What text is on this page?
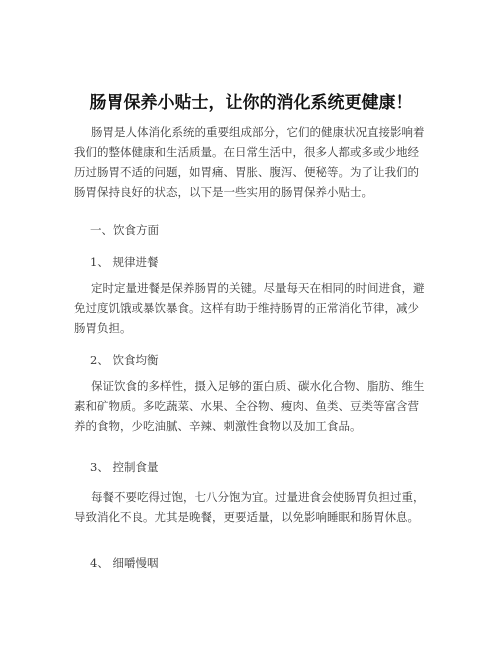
肠胃保养小贴士，让你的消化系统更健康！
肠胃是人体消化系统的重要组成部分，它们的健康状况直接影响着
我们的整体健康和生活质量。在日常生活中，很多人都或多或少地经
历过肠胃不适的问题，如胃痛、胃胀、腹泻、便秘等。为了让我们的
肠胃保持良好的状态，以下是一些实用的肠胃保养小贴士。
一、饮食方面
1、 规律进餐
定时定量进餐是保养肠胃的关键。尽量每天在相同的时间进食，避
免过度饥饿或暴饮暴食。这样有助于维持肠胃的正常消化节律，减少
肠胃负担。
2、 饮食均衡
保证饮食的多样性，摄入足够的蛋白质、碳水化合物、脂肪、维生
素和矿物质。多吃蔬菜、水果、全谷物、瘦肉、鱼类、豆类等富含营
养的食物，少吃油腻、辛辣、刺激性食物以及加工食品。
3、 控制食量
每餐不要吃得过饱，七八分饱为宜。过量进食会使肠胃负担过重，
导致消化不良。尤其是晚餐，更要适量，以免影响睡眠和肠胃休息。
4、 细嚼慢咽
